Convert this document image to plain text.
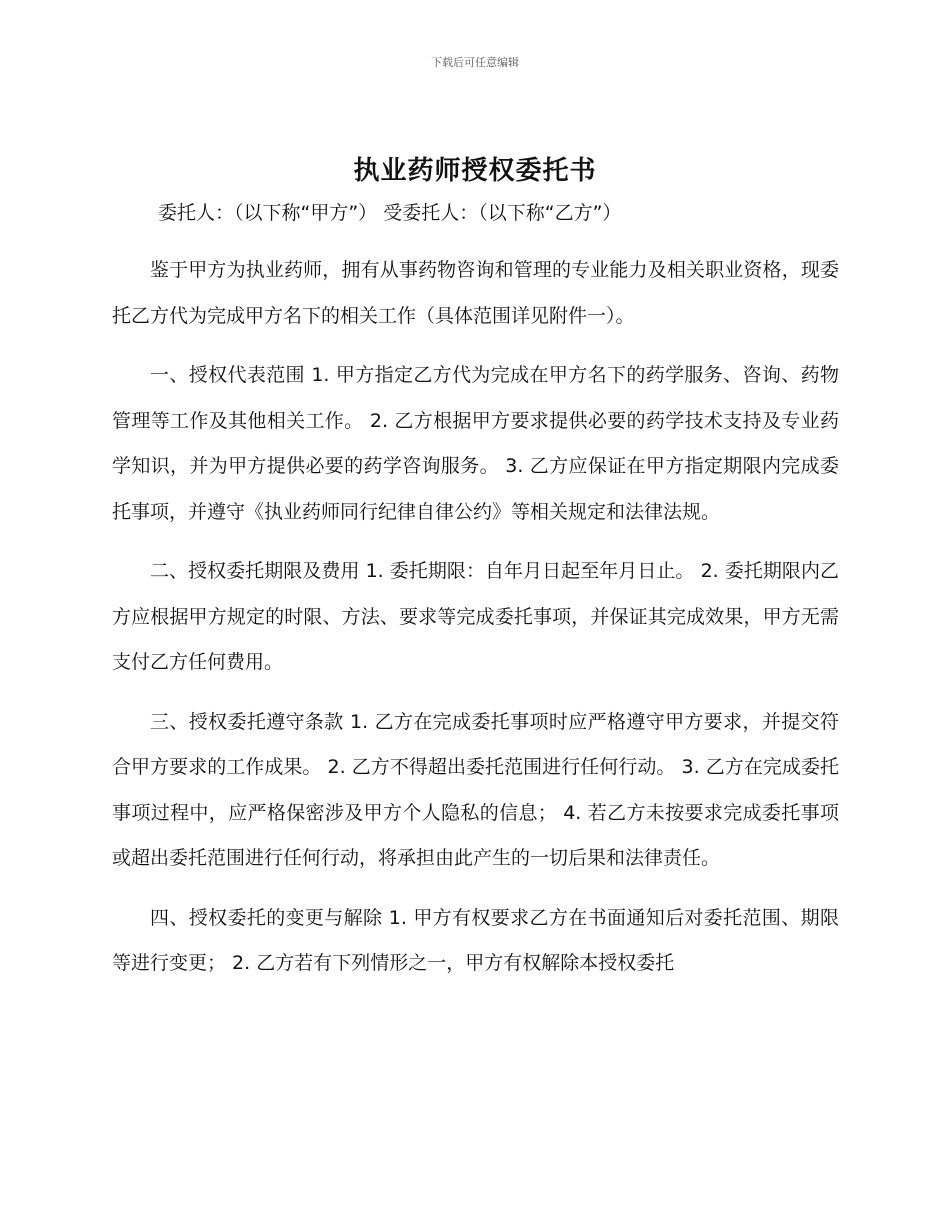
下载后可任意编辑
执业药师授权委托书
委托人：（以下称“甲方”） 受委托人：（以下称“乙方”）

鉴于甲方为执业药师，拥有从事药物咨询和管理的专业能力及相关职业资格，现委托乙方代为完成甲方名下的相关工作（具体范围详见附件一）。

一、授权代表范围 1. 甲方指定乙方代为完成在甲方名下的药学服务、咨询、药物管理等工作及其他相关工作。 2. 乙方根据甲方要求提供必要的药学技术支持及专业药学知识，并为甲方提供必要的药学咨询服务。 3. 乙方应保证在甲方指定期限内完成委托事项，并遵守《执业药师同行纪律自律公约》等相关规定和法律法规。

二、授权委托期限及费用 1. 委托期限：自年月日起至年月日止。 2. 委托期限内乙方应根据甲方规定的时限、方法、要求等完成委托事项，并保证其完成效果，甲方无需支付乙方任何费用。

三、授权委托遵守条款 1. 乙方在完成委托事项时应严格遵守甲方要求，并提交符合甲方要求的工作成果。 2. 乙方不得超出委托范围进行任何行动。 3. 乙方在完成委托事项过程中，应严格保密涉及甲方个人隐私的信息； 4. 若乙方未按要求完成委托事项或超出委托范围进行任何行动，将承担由此产生的一切后果和法律责任。

四、授权委托的变更与解除 1. 甲方有权要求乙方在书面通知后对委托范围、期限等进行变更； 2. 乙方若有下列情形之一，甲方有权解除本授权委托
